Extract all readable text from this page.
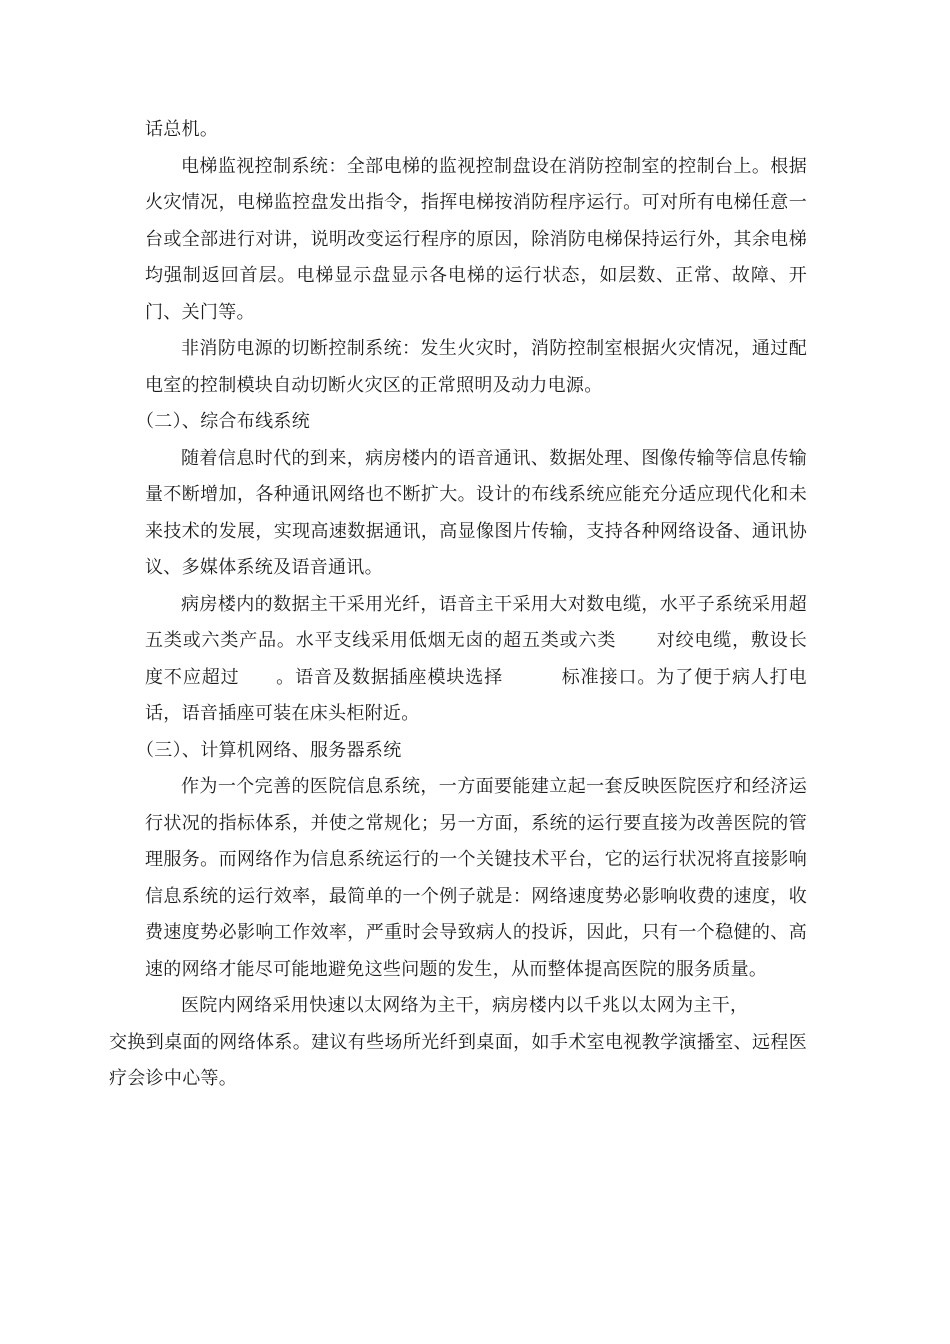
话总机。

电梯监视控制系统：全部电梯的监视控制盘设在消防控制室的控制台上。根据火灾情况，电梯监控盘发出指令，指挥电梯按消防程序运行。可对所有电梯任意一台或全部进行对讲，说明改变运行程序的原因，除消防电梯保持运行外，其余电梯均强制返回首层。电梯显示盘显示各电梯的运行状态，如层数、正常、故障、开门、关门等。

非消防电源的切断控制系统：发生火灾时，消防控制室根据火灾情况，通过配电室的控制模块自动切断火灾区的正常照明及动力电源。

（二）、综合布线系统

随着信息时代的到来，病房楼内的语音通讯、数据处理、图像传输等信息传输量不断增加，各种通讯网络也不断扩大。设计的布线系统应能充分适应现代化和未来技术的发展，实现高速数据通讯，高显像图片传输，支持各种网络设备、通讯协议、多媒体系统及语音通讯。

病房楼内的数据主干采用光纤，语音主干采用大对数电缆，水平子系统采用超五类或六类产品。水平支线采用低烟无卤的超五类或六类 对绞电缆，敷设长度不应超过 。语音及数据插座模块选择	标准接口。为了便于病人打电话，语音插座可装在床头柜附近。

（三）、计算机网络、服务器系统

作为一个完善的医院信息系统，一方面要能建立起一套反映医院医疗和经济运行状况的指标体系，并使之常规化；另一方面，系统的运行要直接为改善医院的管理服务。而网络作为信息系统运行的一个关键技术平台，它的运行状况将直接影响信息系统的运行效率，最简单的一个例子就是：网络速度势必影响收费的速度，收费速度势必影响工作效率，严重时会导致病人的投诉，因此，只有一个稳健的、高速的网络才能尽可能地避免这些问题的发生，从而整体提高医院的服务质量。

医院内网络采用快速以太网络为主干，病房楼内以千兆以太网为主干，
交换到桌面的网络体系。建议有些场所光纤到桌面，如手术室电视教学演播室、远程医疗会诊中心等。
